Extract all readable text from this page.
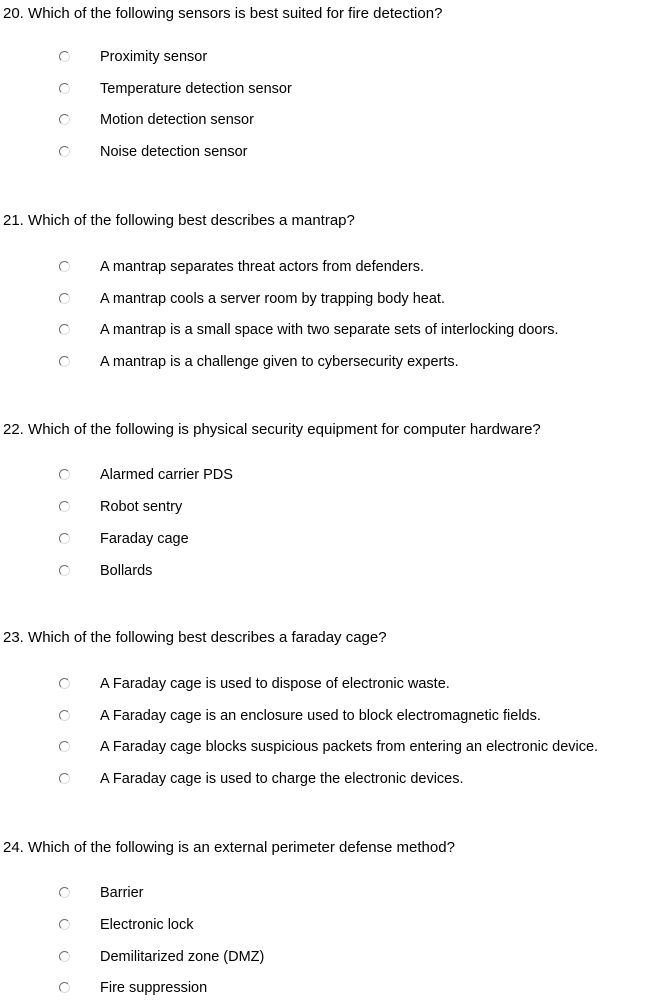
20. Which of the following sensors is best suited for fire detection?
Proximity sensor
Temperature detection sensor
Motion detection sensor
Noise detection sensor
21. Which of the following best describes a mantrap?
A mantrap separates threat actors from defenders.
A mantrap cools a server room by trapping body heat.
A mantrap is a small space with two separate sets of interlocking doors.
A mantrap is a challenge given to cybersecurity experts.
22. Which of the following is physical security equipment for computer hardware?
Alarmed carrier PDS
Robot sentry
Faraday cage
Bollards
23. Which of the following best describes a faraday cage?
A Faraday cage is used to dispose of electronic waste.
A Faraday cage is an enclosure used to block electromagnetic fields.
A Faraday cage blocks suspicious packets from entering an electronic device.
A Faraday cage is used to charge the electronic devices.
24. Which of the following is an external perimeter defense method?
Barrier
Electronic lock
Demilitarized zone (DMZ)
Fire suppression
